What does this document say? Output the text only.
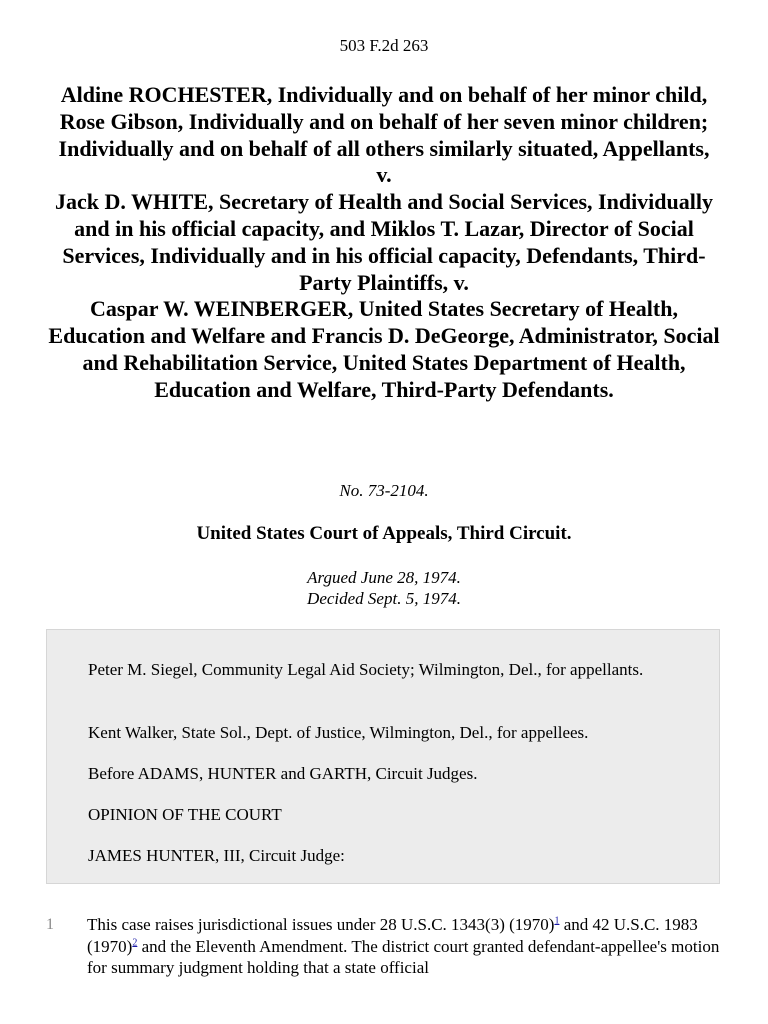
503 F.2d 263
Aldine ROCHESTER, Individually and on behalf of her minor child, Rose Gibson, Individually and on behalf of her seven minor children; Individually and on behalf of all others similarly situated, Appellants,
v.
Jack D. WHITE, Secretary of Health and Social Services, Individually and in his official capacity, and Miklos T. Lazar, Director of Social Services, Individually and in his official capacity, Defendants, Third-Party Plaintiffs, v.
Caspar W. WEINBERGER, United States Secretary of Health, Education and Welfare and Francis D. DeGeorge, Administrator, Social and Rehabilitation Service, United States Department of Health, Education and Welfare, Third-Party Defendants.
No. 73-2104.
United States Court of Appeals, Third Circuit.
Argued June 28, 1974.
Decided Sept. 5, 1974.

Peter M. Siegel, Community Legal Aid Society; Wilmington, Del., for appellants.

Kent Walker, State Sol., Dept. of Justice, Wilmington, Del., for appellees.

Before ADAMS, HUNTER and GARTH, Circuit Judges.

OPINION OF THE COURT

JAMES HUNTER, III, Circuit Judge:

1 This case raises jurisdictional issues under 28 U.S.C. 1343(3) (1970)$^1$ and 42 U.S.C. 1983 (1970)$^2$ and the Eleventh Amendment. The district court granted defendant-appellee's motion for summary judgment holding that a state official
